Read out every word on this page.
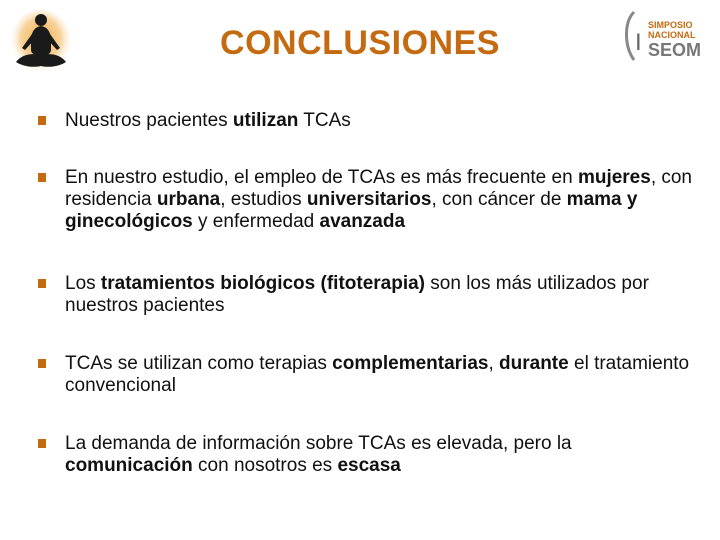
CONCLUSIONES	I
SIMPOSIO
NACIONAL
SEOM
Nuestros pacientes utilizan TCAs
En nuestro estudio, el empleo de TCAs es más frecuente en mujeres, con residencia urbana, estudios universitarios, con cáncer de mama y ginecológicos y enfermedad avanzada
Los tratamientos biológicos (fitoterapia) son los más utilizados por nuestros pacientes
TCAs se utilizan como terapias complementarias, durante el tratamiento convencional
La demanda de información sobre TCAs es elevada, pero la comunicación con nosotros es escasa
